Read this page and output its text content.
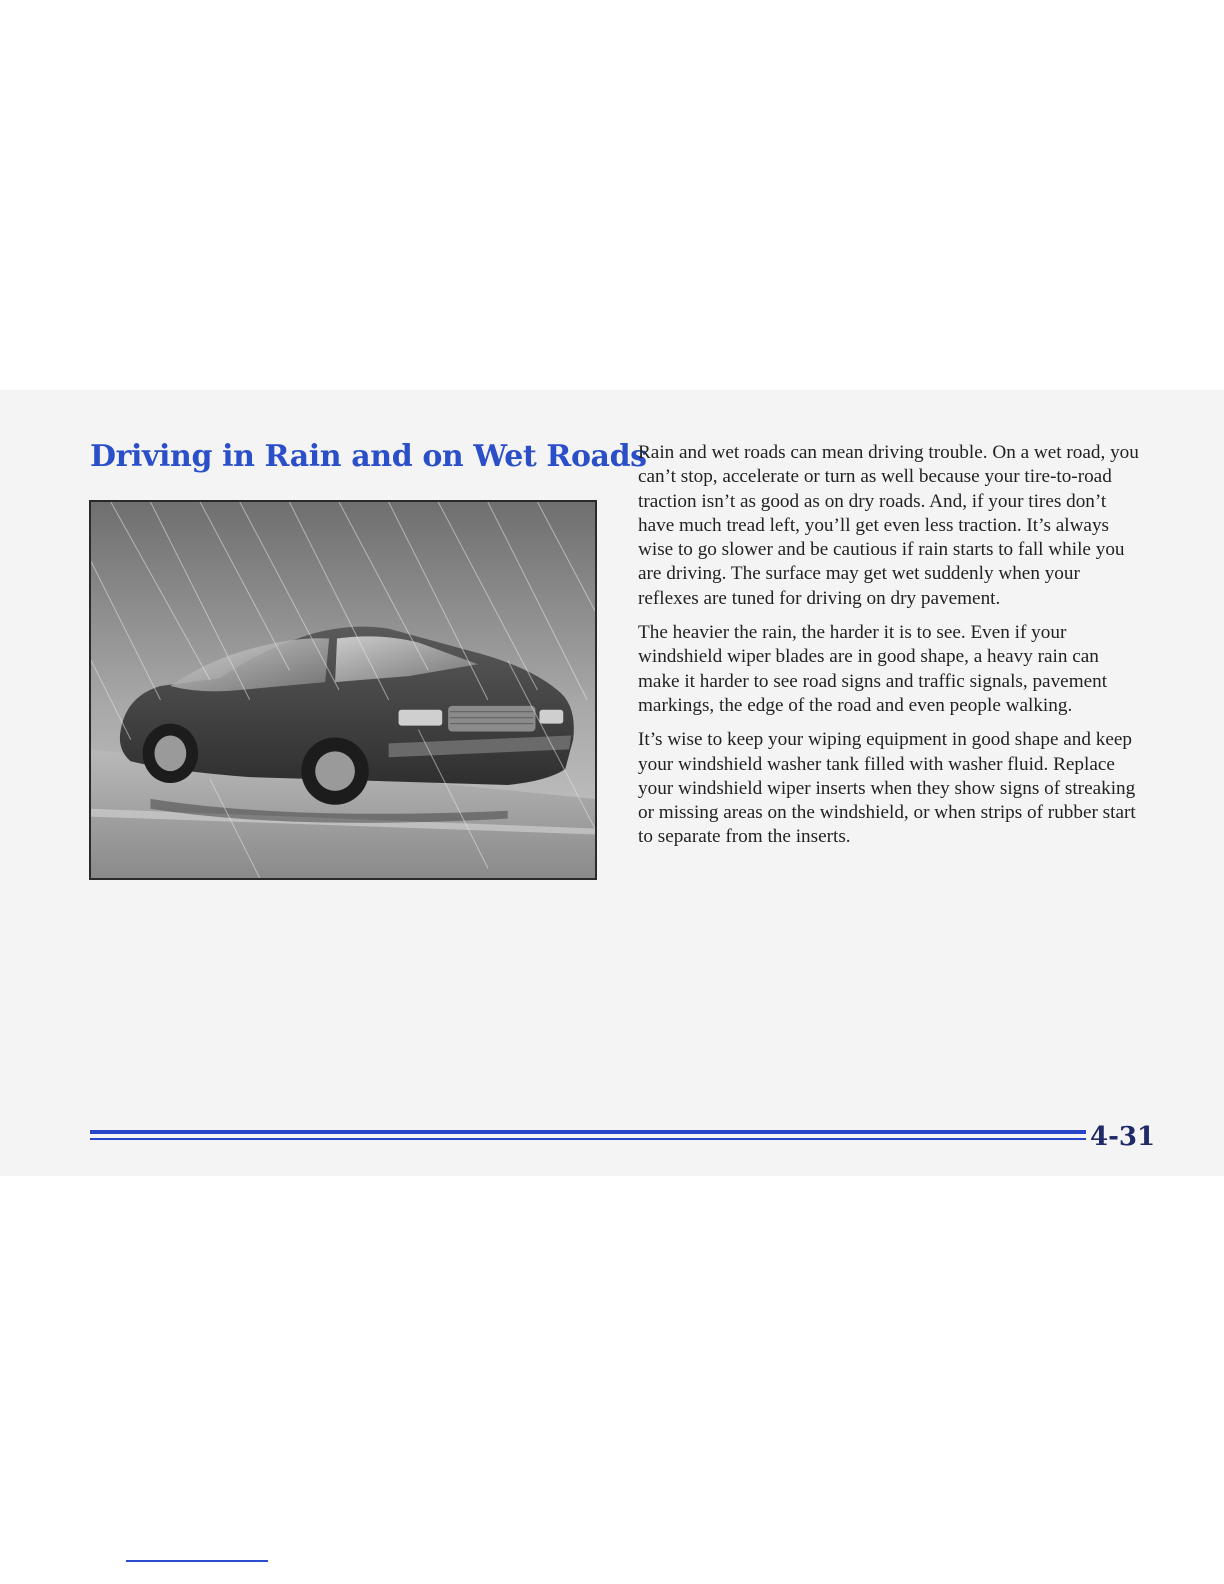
Driving in Rain and on Wet Roads

Rain and wet roads can mean driving trouble. On a wet road, you can’t stop, accelerate or turn as well because your tire-to-road traction isn’t as good as on dry roads. And, if your tires don’t have much tread left, you’ll get even less traction. It’s always wise to go slower and be cautious if rain starts to fall while you are driving. The surface may get wet suddenly when your reflexes are tuned for driving on dry pavement.

The heavier the rain, the harder it is to see. Even if your windshield wiper blades are in good shape, a heavy rain can make it harder to see road signs and traffic signals, pavement markings, the edge of the road and even people walking.

It’s wise to keep your wiping equipment in good shape and keep your windshield washer tank filled with washer fluid. Replace your windshield wiper inserts when they show signs of streaking or missing areas on the windshield, or when strips of rubber start to separate from the inserts.

4-31
